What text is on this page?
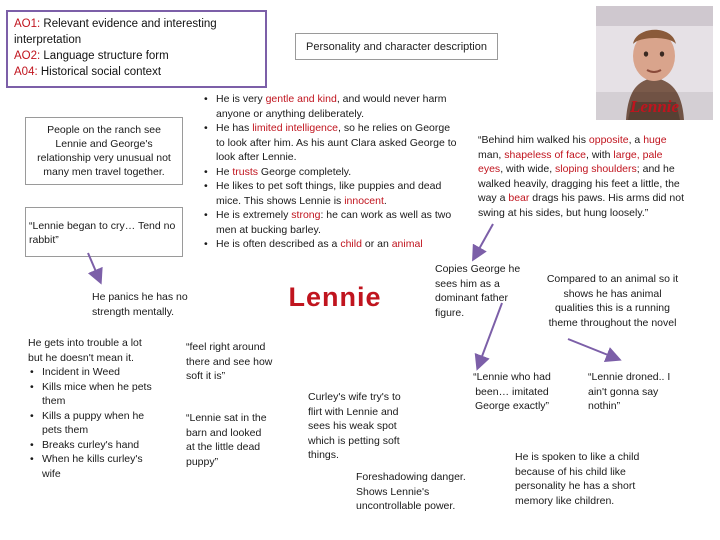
AO1: Relevant evidence and interesting interpretation
AO2: Language structure form
A04: Historical social context
Personality and character description
People on the ranch see Lennie and George's relationship very unusual not many men travel together.
“Lennie began to cry… Tend no rabbit”
• He is very gentle and kind, and would never harm anyone or anything deliberately.
• He has limited intelligence, so he relies on George to look after him. As his aunt Clara asked George to look after Lennie.
• He trusts George completely.
• He likes to pet soft things, like puppies and dead mice. This shows Lennie is innocent.
• He is extremely strong: he can work as well as two men at bucking barley.
• He is often described as a child or an animal
Lennie
“Behind him walked his opposite, a huge man, shapeless of face, with large, pale eyes, with wide, sloping shoulders; and he walked heavily, dragging his feet a little, the way a bear drags his paws. His arms did not swing at his sides, but hung loosely.”
He panics he has no strength mentally.	Lennie
Copies George he sees him as a dominant father figure.
Compared to an animal so it shows he has animal qualities this is a running theme throughout the novel
He gets into trouble a lot but he doesn't mean it.
• Incident in Weed
• Kills mice when he pets them
• Kills a puppy when he pets them
• Breaks curley's hand
• When he kills curley's wife
“feel right around there and see how soft it is”
“Lennie sat in the barn and looked at the little dead puppy”
Curley's wife try's to flirt with Lennie and sees his weak spot which is petting soft things.
Foreshadowing danger. Shows Lennie's uncontrollable power.
“Lennie who had been… imitated George exactly”
“Lennie droned.. I ain't gonna say nothin”
He is spoken to like a child because of his child like personality he has a short memory like children.
